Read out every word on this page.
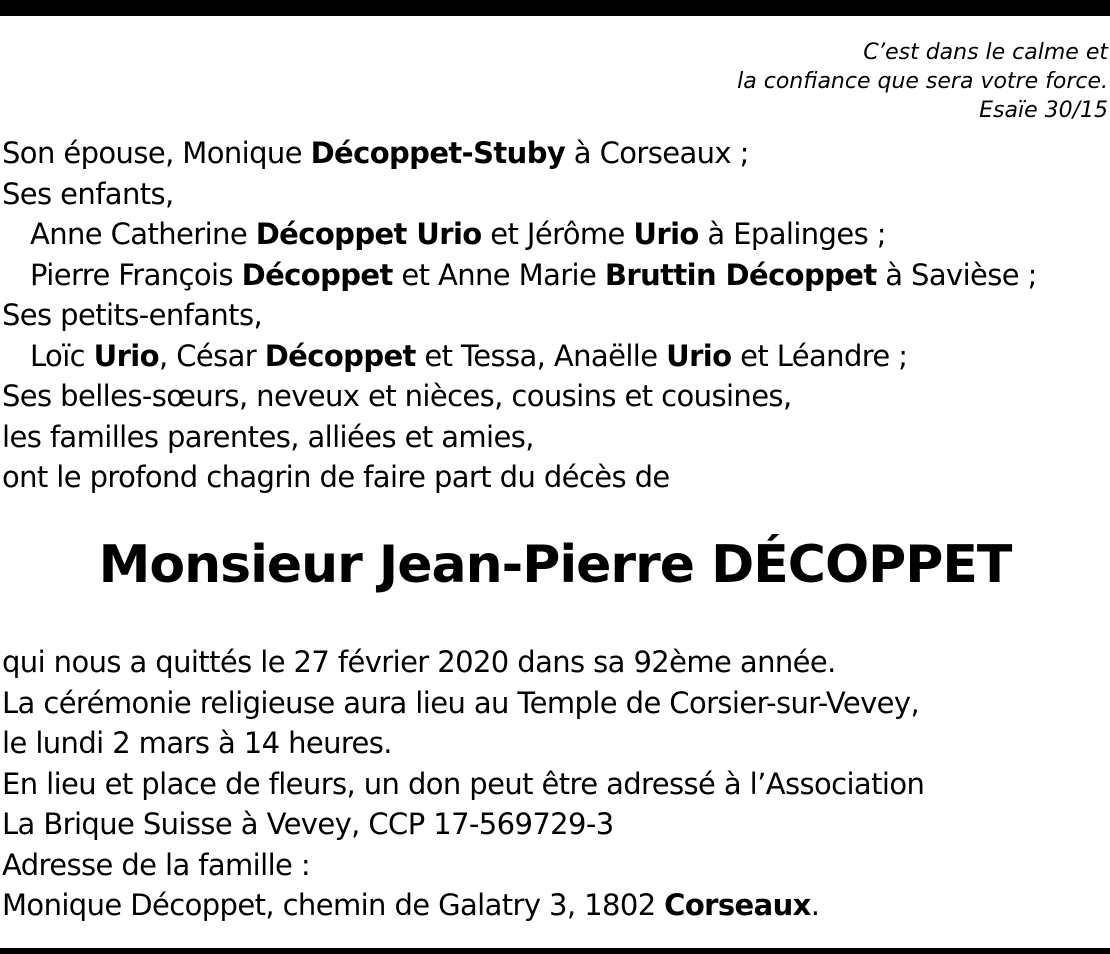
C’est dans le calme et
la confiance que sera votre force.
Esaïe 30/15
Son épouse, Monique Décoppet-Stuby à Corseaux ;
Ses enfants,
Anne Catherine Décoppet Urio et Jérôme Urio à Epalinges ;
Pierre François Décoppet et Anne Marie Bruttin Décoppet à Savièse ;
Ses petits-enfants,
Loïc Urio, César Décoppet et Tessa, Anaëlle Urio et Léandre ;
Ses belles-sœurs, neveux et nièces, cousins et cousines,
les familles parentes, alliées et amies,
ont le profond chagrin de faire part du décès de
Monsieur Jean-Pierre DÉCOPPET
qui nous a quittés le 27 février 2020 dans sa 92ème année.
La cérémonie religieuse aura lieu au Temple de Corsier-sur-Vevey,
le lundi 2 mars à 14 heures.
En lieu et place de fleurs, un don peut être adressé à l’Association
La Brique Suisse à Vevey, CCP 17-569729-3
Adresse de la famille :
Monique Décoppet, chemin de Galatry 3, 1802 Corseaux.
